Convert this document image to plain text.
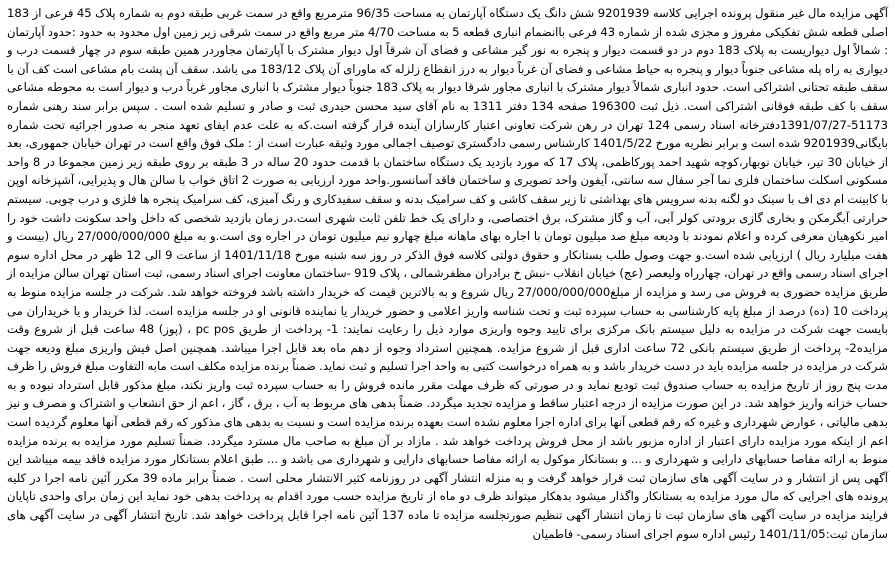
آگهی مزایده مال غیر منقول پرونده اجرایی کلاسه 9201939 شش دانگ یک دستگاه آپارتمان به مساحت 96/35 مترمربع واقع در سمت غربی طبقه دوم به شماره پلاک 45 فرعی از 183 اصلی قطعه شش تفکیکی مفروز و مجزی شده از شماره 43 فرعی باانضمام انباری قطعه 5 به مساحت 4/70 متر مربع واقع در سمت شرقی زیر زمین اول محدود به حدود :حدود آپارتمان : شمالاً اول دیواریست به پلاک 183 دوم در دو قسمت دیوار و پنجره به نور گیر مشاعی و فضای آن شرقاً اول دیوار مشترک با آپارتمان مجاوردر همین طبقه سوم در چهار قسمت درب و دیواری به راه پله مشاعی جنوباً دیوار و پنجره به حیاط مشاعی و فضای آن غرباً دیوار به درز انقطاع زلزله که ماورای آن پلاک 183/12 می باشد. سقف آن پشت بام مشاعی است کف آن با سقف طبقه تحتانی اشتراکی است. حدود انباری شمالاً دیوار مشترک با انباری مجاور شرقا دیوار به پلاک 183 جنوباً دیوار مشترک با انباری مجاور غرباً درب و دیوار است به محوطه مشاعی سقف با کف طبقه فوقانی اشتراکی است. ذیل ثبت 196300 صفحه 134 دفتر 1311 به نام آقای سید محسن حیدری ثبت و صادر و تسلیم شده است . سپس برابر سند رهنی شماره 51173-1391/07/27دفترخانه اسناد رسمی 124 تهران در رهن شرکت تعاونی اعتبار کارسازان آینده قرار گرفته است.که به علت عدم ایفای تعهد منجر به صدور اجرائیه تحت شماره بایگانی9201939 شده است و برابر نظریه مورخ 1401/5/22 کارشناس رسمی دادگستری توصیف اجمالی مورد وثیقه عبارت است از : ملک فوق واقع است در تهران خیابان جمهوری، بعد از خیابان 30 تیر، خیابان نوبهار،کوچه شهید احمد پورکاظمی، پلاک 17 که مورد بازدید یک دستگاه ساختمان با قدمت حدود 20 ساله در 3 طبقه بر روی طبقه زیر زمین مجموعا در 8 واحد مسکونی اسکلت ساختمان فلزی نما آجر سفال سه سانتی، آیفون واحد تصویری و ساختمان فاقد آسانسور.واحد مورد ارزیابی به صورت 2 اتاق خواب با سالن هال و پذیرایی، آشپزخانه اوپن با کابینت ام دی اف با سینک دو لگنه بدنه سرویس های بهداشتی تا زیر سقف کاشی و کف سرامیک بدنه و سقف سفیدکاری و رنگ آمیزی، کف سرامیک پنجره ها فلزی و درب چوبی. سیستم حرارتی آبگرمکن و بخاری گازی برودتی کولر آبی، آب و گاز مشترک، برق اختصاصی، و دارای یک خط تلفن ثابت شهری است.در زمان بازدید شخصی که داخل واحد سکونت داشت خود را امیر نکوهیان معرفی کرده و اعلام نمودند با ودیعه مبلغ صد میلیون تومان با اجاره بهای ماهانه مبلغ چهارو نیم میلیون تومان در اجاره وی است.و به مبلغ 27/000/000/000 ریال (بیست و هفت میلیارد ریال ) ارزیابی شده است.و جهت وصول طلب بستانکار و حقوق دولتی کلاسه فوق الذکر در روز سه شنبه مورخ 1401/11/18 از ساعت 9 الی 12 ظهر در محل اداره سوم اجرای اسناد رسمی واقع در تهران، چهارراه ولیعصر (عج) خیابان انقلاب -نبش خ برادران مظفرشمالی ، پلاک 919 -ساختمان معاونت اجرای اسناد رسمی، ثبت استان تهران سالن مزایده از طریق مزایده حضوری به فروش می رسد و مزایده از مبلغ27/000/000/000 ریال شروع و به بالاترین قیمت که خریدار داشته باشد فروخته خواهد شد. شرکت در جلسه مزایده منوط به پرداخت 10 (ده) درصد از مبلغ پایه کارشناسی به حساب سپرده ثبت و تحت شناسه واریز اعلامی و حضور خریدار یا نماینده قانونی او در جلسه مزایده است. لذا خریدار و یا خریداران می بایست جهت شرکت در مزایده به دلیل سیستم بانک مرکزی برای تایید وجوه واریزی موارد ذیل را رعایت نمایند: 1- پرداخت از طریق pc pos ، (پوز) 48 ساعت قبل از شروع وقت مزایده2- پرداخت از طریق سیستم بانکی 72 ساعت اداری قبل از شروع مزایده. همچنین استرداد وجوه از دهم ماه بعد قابل اجرا میباشد. همچنین اصل فیش واریزی مبلغ ودیعه جهت شرکت در مزایده در جلسه مزایده باید در دست خریدار باشد و به همراه درخواست کتبی به واحد اجرا تسلیم و ثبت نماید. ضمناً برنده مزایده مکلف است مابه التفاوت مبلغ فروش را ظرف مدت پنج روز از تاریخ مزایده به حساب صندوق ثبت تودیع نماید و در صورتی که ظرف مهلت مقرر مانده فروش را به حساب سپرده ثبت واریز نکند، مبلغ مذکور قابل استرداد نبوده و به حساب خزانه واریز خواهد شد. در این صورت مزایده از درجه اعتبار ساقط و مزایده تجدید میگردد. ضمناً بدهی های مربوط به آب ، برق ، گاز ، اعم از حق انشعاب و اشتراک و مصرف و نیز بدهی مالیاتی ، عوارض شهرداری و غیره که رقم قطعی آنها برای اداره اجرا معلوم نشده است بعهده برنده مزایده است و نسبت به بدهی های مذکور که رقم قطعی آنها معلوم گردیده است اعم از اینکه مورد مزایده دارای اعتبار از اداره مزبور باشد از محل فروش پرداخت خواهد شد . مازاد بر آن مبلغ به صاحب مال مسترد میگردد. ضمناً تسلیم مورد مزایده به برنده مزایده منوط به ارائه مفاصا حسابهای دارایی و شهرداری و ... و بستانکار موکول به ارائه مفاصا حسابهای دارایی و شهرداری می باشد و ... طبق اعلام بستانکار مورد مزایده فاقد بیمه میباشد این آگهی پس از انتشار و در سایت آگهی های سازمان ثبت قرار خواهد گرفت و به منزله انتشار آگهی در روزنامه کثیر الانتشار محلی است . ضمناً برابر ماده 39 مکرر آئین نامه اجرا در کلیه پرونده های اجرایی که مال مورد مزایده به بستانکار واگذار میشود بدهکار میتواند ظرف دو ماه از تاریخ مزایده حسب مورد اقدام به پرداخت بدهی خود نماید این زمان برای واحدی تاپایان فرایند مزایده در سایت آگهی های سازمان ثبت تا زمان انتشار آگهی تنظیم صورتجلسه مزایده تا ماده 137 آئین نامه اجرا قابل پرداخت خواهد شد. تاریخ انتشار آگهی در سایت آگهی های سازمان ثبت:1401/11/05 رئیس اداره سوم اجرای اسناد رسمی- فاطمیان
